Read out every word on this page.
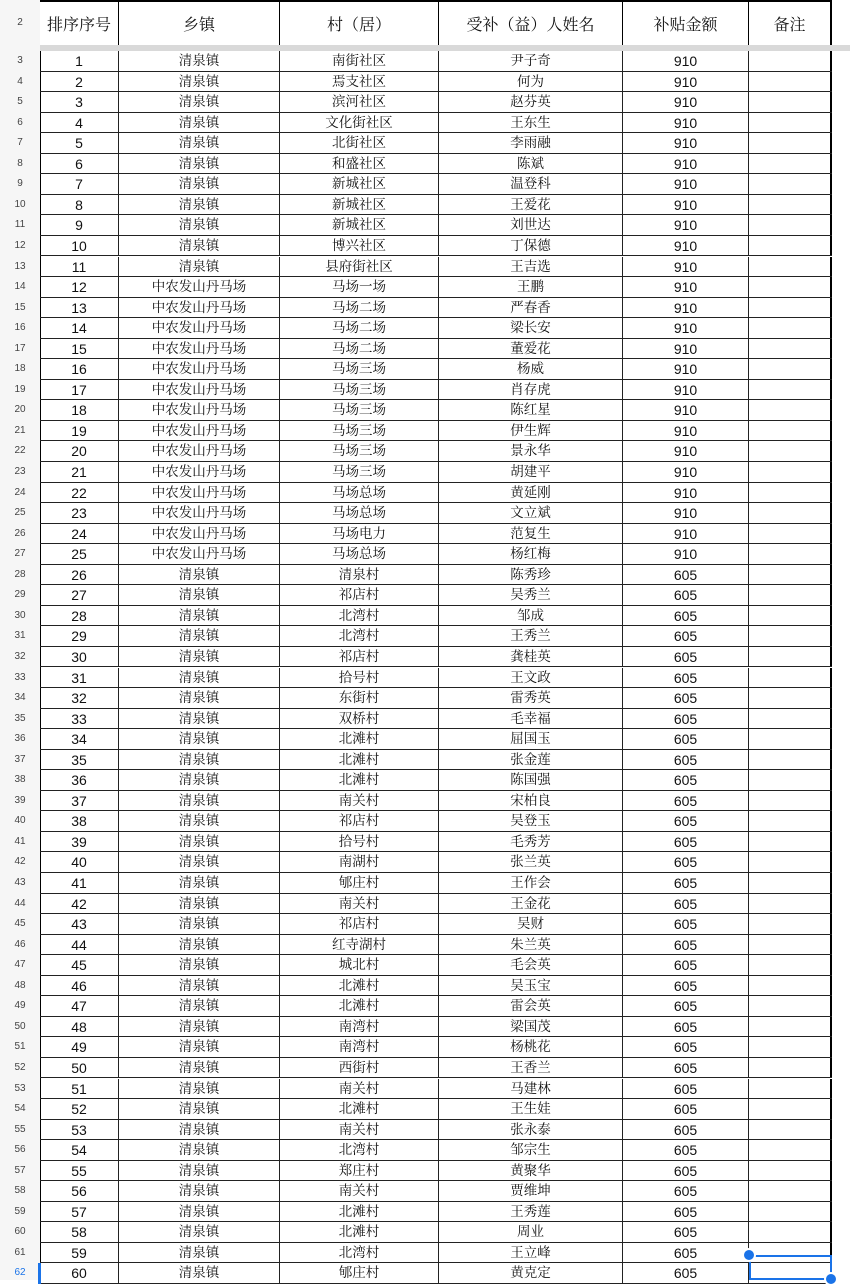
2	排序序号	乡镇	村（居）	受补（益）人姓名	补贴金额	备注
1	清泉镇	南街社区	尹子奇	910
2	清泉镇	焉支社区	何为	910
3	清泉镇	滨河社区	赵芬英	910
4	清泉镇	文化街社区	王东生	910
5	清泉镇	北街社区	李雨融	910
6	清泉镇	和盛社区	陈斌	910
7	清泉镇	新城社区	温登科	910
8	清泉镇	新城社区	王爱花	910
9	清泉镇	新城社区	刘世达	910
10	清泉镇	博兴社区	丁保德	910
11	清泉镇	县府街社区	王吉选	910
12	中农发山丹马场	马场一场	王鹏	910
13	中农发山丹马场	马场二场	严春香	910
14	中农发山丹马场	马场二场	梁长安	910
15	中农发山丹马场	马场二场	董爱花	910
16	中农发山丹马场	马场三场	杨威	910
17	中农发山丹马场	马场三场	肖存虎	910
18	中农发山丹马场	马场三场	陈红星	910
19	中农发山丹马场	马场三场	伊生辉	910
20	中农发山丹马场	马场三场	景永华	910
21	中农发山丹马场	马场三场	胡建平	910
22	中农发山丹马场	马场总场	黄延刚	910
23	中农发山丹马场	马场总场	文立斌	910
24	中农发山丹马场	马场电力	范复生	910
25	中农发山丹马场	马场总场	杨红梅	910
26	清泉镇	清泉村	陈秀珍	605
27	清泉镇	祁店村	吴秀兰	605
28	清泉镇	北湾村	邹成	605
29	清泉镇	北湾村	王秀兰	605
30	清泉镇	祁店村	龚桂英	605
31	清泉镇	拾号村	王文政	605
32	清泉镇	东街村	雷秀英	605
33	清泉镇	双桥村	毛幸福	605
34	清泉镇	北滩村	屈国玉	605
35	清泉镇	北滩村	张金莲	605
36	清泉镇	北滩村	陈国强	605
37	清泉镇	南关村	宋柏良	605
38	清泉镇	祁店村	吴登玉	605
39	清泉镇	拾号村	毛秀芳	605
40	清泉镇	南湖村	张兰英	605
41	清泉镇	郇庄村	王作会	605
42	清泉镇	南关村	王金花	605
43	清泉镇	祁店村	吴财	605
44	清泉镇	红寺湖村	朱兰英	605
45	清泉镇	城北村	毛会英	605
46	清泉镇	北滩村	吴玉宝	605
47	清泉镇	北滩村	雷会英	605
48	清泉镇	南湾村	梁国茂	605
49	清泉镇	南湾村	杨桃花	605
50	清泉镇	西街村	王香兰	605
51	清泉镇	南关村	马建林	605
52	清泉镇	北滩村	王生娃	605
53	清泉镇	南关村	张永泰	605
54	清泉镇	北湾村	邹宗生	605
55	清泉镇	郑庄村	黄聚华	605
56	清泉镇	南关村	贾维坤	605
57	清泉镇	北滩村	王秀莲	605
58	清泉镇	北滩村	周业	605
59	清泉镇	北湾村	王立峰	605
60	清泉镇	郇庄村	黄克定	605
3
4
5
6
7
8
9
10
11
12
13
14
15
16
17
18
19
20
21
22
23
24
25
26
27
28
29
30
31
32
33
34
35
36
37
38
39
40
41
42
43
44
45
46
47
48
49
50
51
52
53
54
55
56
57
58
59
60
61
62
